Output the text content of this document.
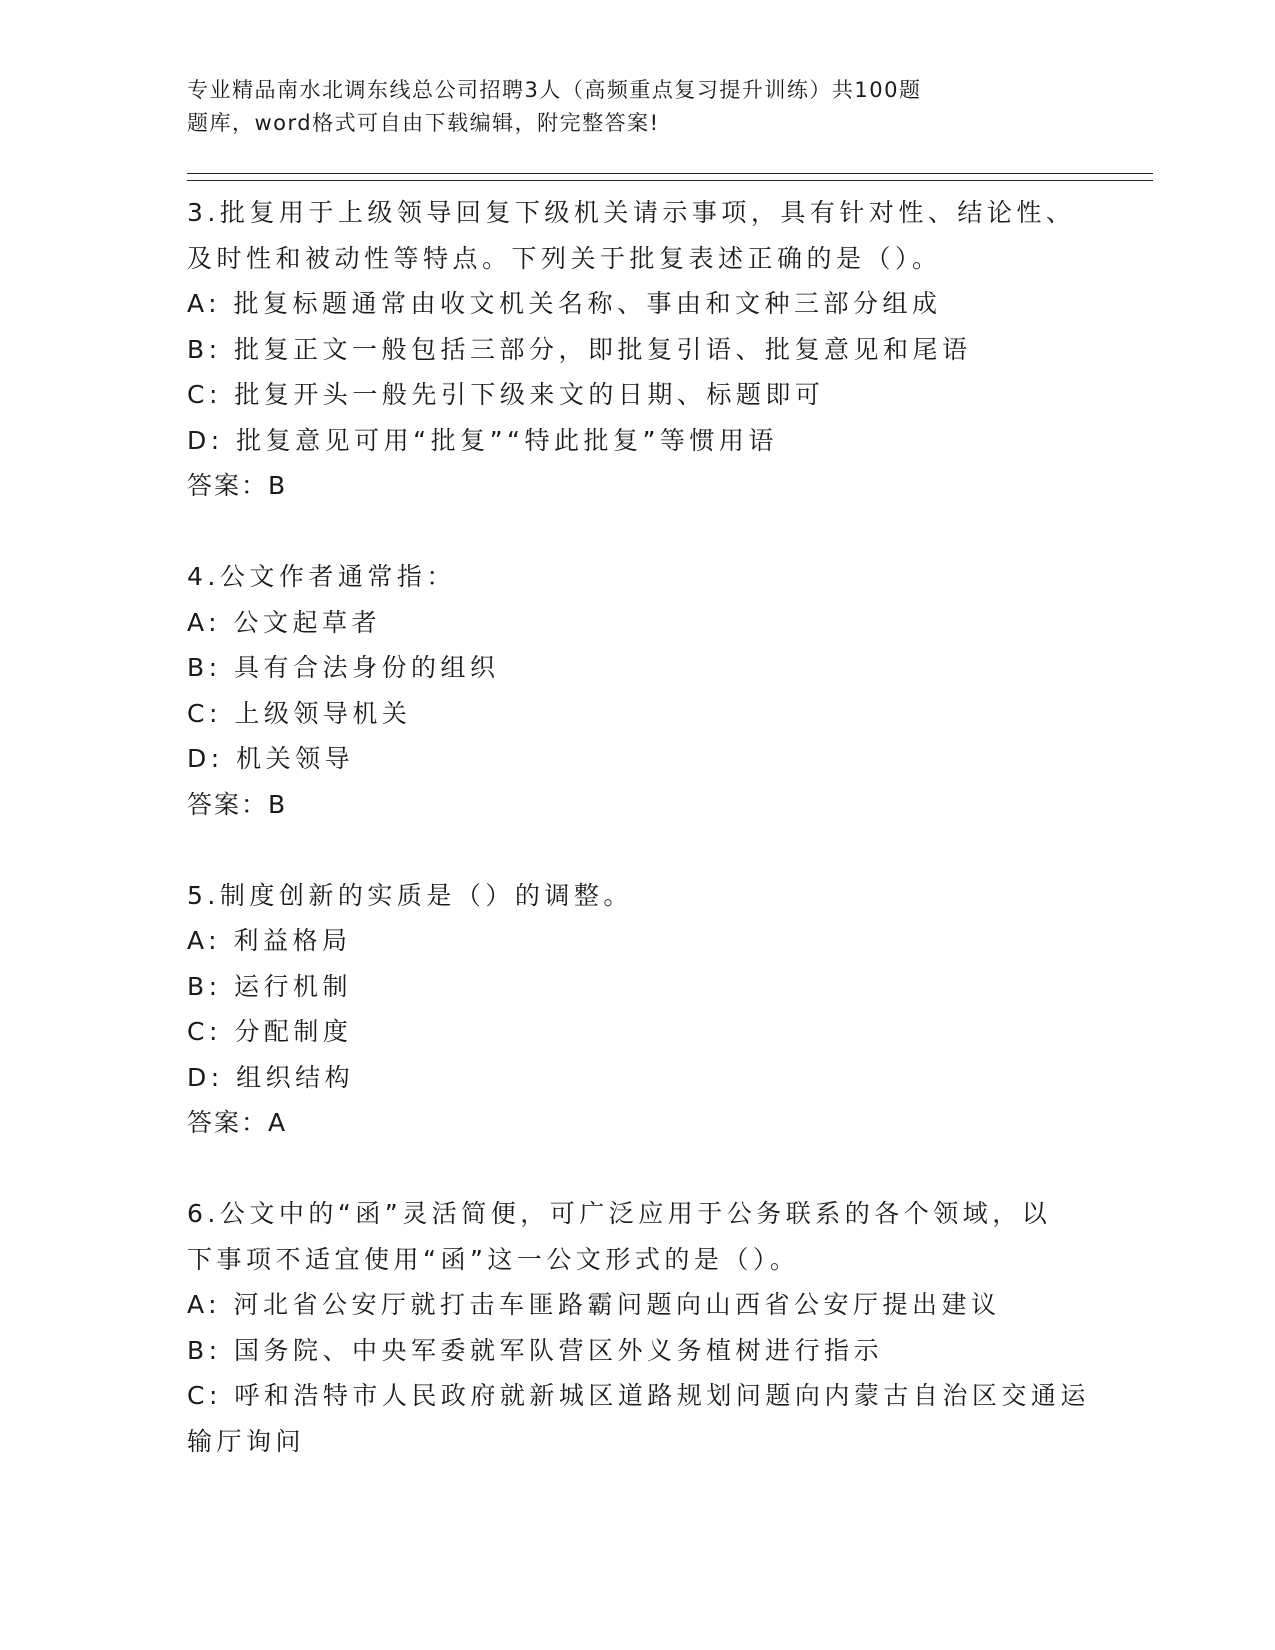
专业精品南水北调东线总公司招聘3人（高频重点复习提升训练）共100题
题库，word格式可自由下载编辑，附完整答案!
3.批复用于上级领导回复下级机关请示事项，具有针对性、结论性、
及时性和被动性等特点。下列关于批复表述正确的是（）。
A: 批复标题通常由收文机关名称、事由和文种三部分组成
B: 批复正文一般包括三部分，即批复引语、批复意见和尾语
C: 批复开头一般先引下级来文的日期、标题即可
D: 批复意见可用“批复”“特此批复”等惯用语
答案：B
4.公文作者通常指：
A: 公文起草者
B: 具有合法身份的组织
C: 上级领导机关
D: 机关领导
答案：B
5.制度创新的实质是（）的调整。
A: 利益格局
B: 运行机制
C: 分配制度
D: 组织结构
答案：A
6.公文中的“函”灵活简便，可广泛应用于公务联系的各个领域，以
下事项不适宜使用“函”这一公文形式的是（）。
A: 河北省公安厅就打击车匪路霸问题向山西省公安厅提出建议
B: 国务院、中央军委就军队营区外义务植树进行指示
C: 呼和浩特市人民政府就新城区道路规划问题向内蒙古自治区交通运
输厅询问
